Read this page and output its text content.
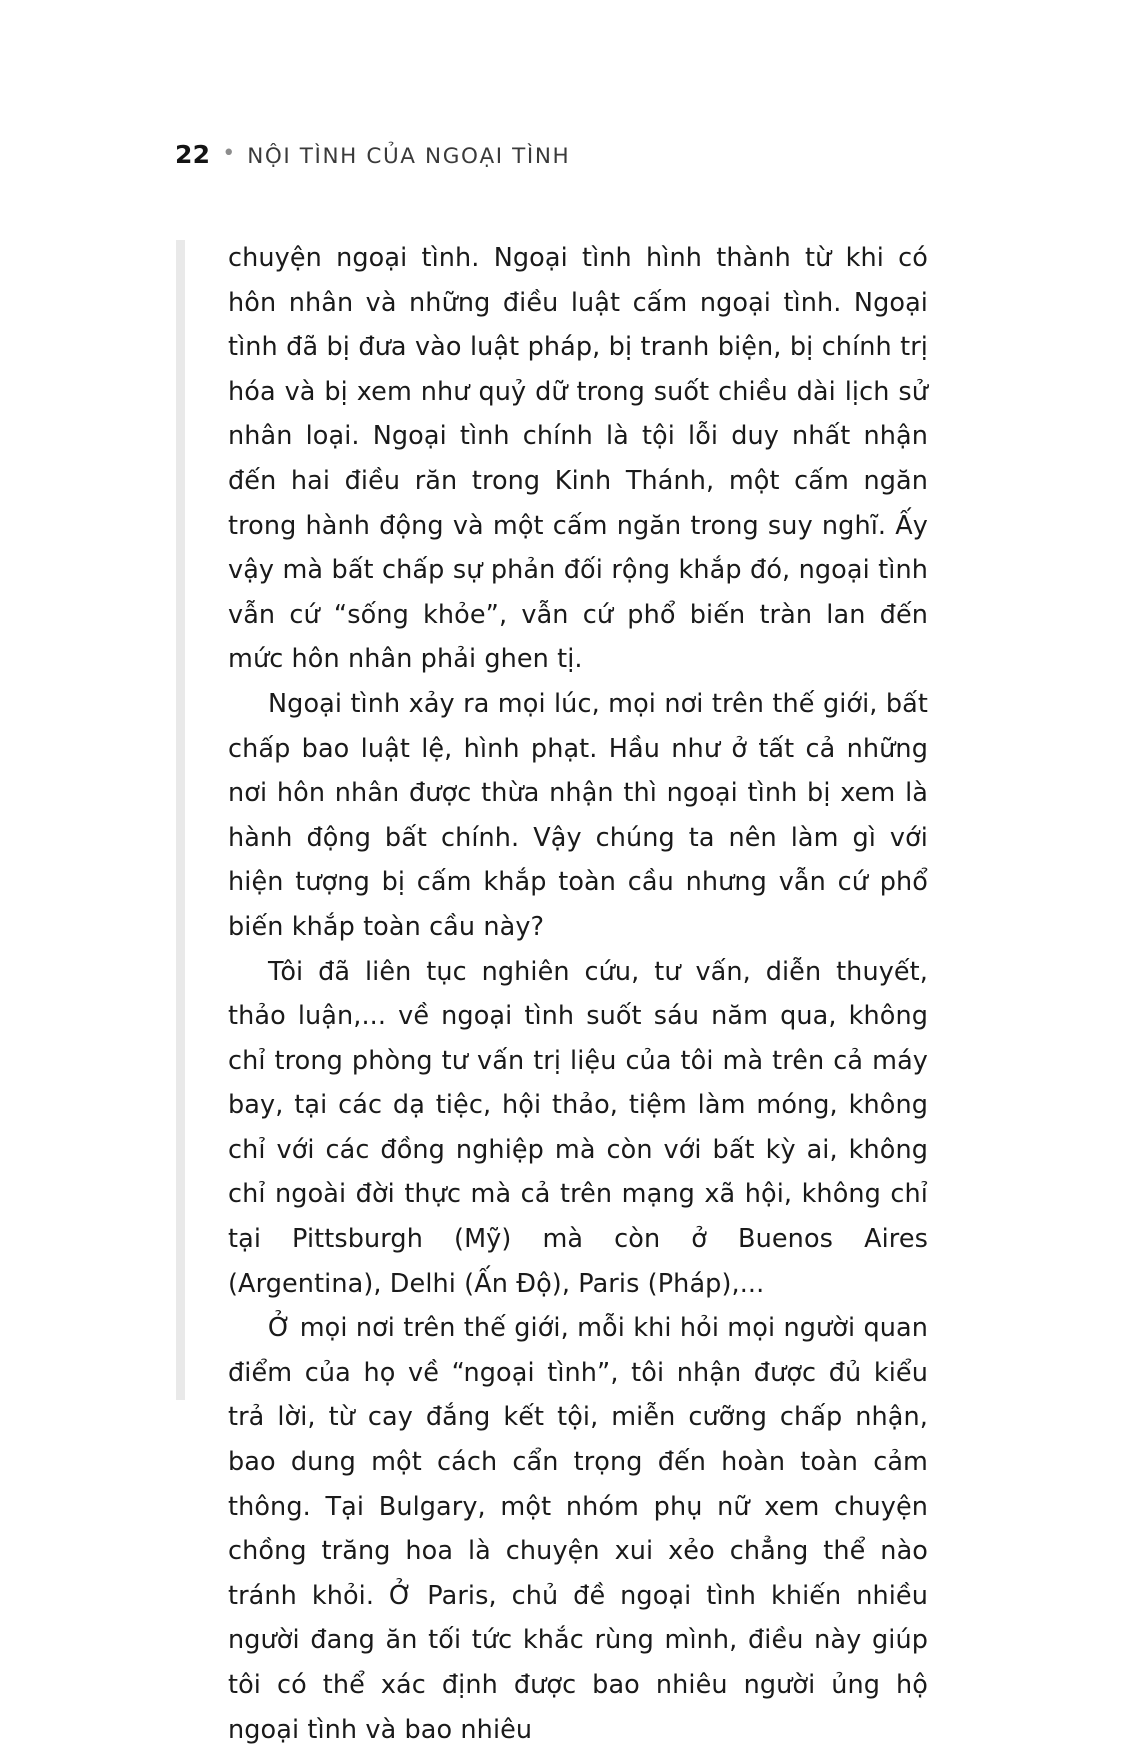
22 • NỘI TÌNH CỦA NGOẠI TÌNH

chuyện ngoại tình. Ngoại tình hình thành từ khi có hôn nhân và những điều luật cấm ngoại tình. Ngoại tình đã bị đưa vào luật pháp, bị tranh biện, bị chính trị hóa và bị xem như quỷ dữ trong suốt chiều dài lịch sử nhân loại. Ngoại tình chính là tội lỗi duy nhất nhận đến hai điều răn trong Kinh Thánh, một cấm ngăn trong hành động và một cấm ngăn trong suy nghĩ. Ấy vậy mà bất chấp sự phản đối rộng khắp đó, ngoại tình vẫn cứ “sống khỏe”, vẫn cứ phổ biến tràn lan đến mức hôn nhân phải ghen tị.

Ngoại tình xảy ra mọi lúc, mọi nơi trên thế giới, bất chấp bao luật lệ, hình phạt. Hầu như ở tất cả những nơi hôn nhân được thừa nhận thì ngoại tình bị xem là hành động bất chính. Vậy chúng ta nên làm gì với hiện tượng bị cấm khắp toàn cầu nhưng vẫn cứ phổ biến khắp toàn cầu này?

Tôi đã liên tục nghiên cứu, tư vấn, diễn thuyết, thảo luận,... về ngoại tình suốt sáu năm qua, không chỉ trong phòng tư vấn trị liệu của tôi mà trên cả máy bay, tại các dạ tiệc, hội thảo, tiệm làm móng, không chỉ với các đồng nghiệp mà còn với bất kỳ ai, không chỉ ngoài đời thực mà cả trên mạng xã hội, không chỉ tại Pittsburgh (Mỹ) mà còn ở Buenos Aires (Argentina), Delhi (Ấn Độ), Paris (Pháp),...

Ở mọi nơi trên thế giới, mỗi khi hỏi mọi người quan điểm của họ về “ngoại tình”, tôi nhận được đủ kiểu trả lời, từ cay đắng kết tội, miễn cưỡng chấp nhận, bao dung một cách cẩn trọng đến hoàn toàn cảm thông. Tại Bulgary, một nhóm phụ nữ xem chuyện chồng trăng hoa là chuyện xui xẻo chẳng thể nào tránh khỏi. Ở Paris, chủ đề ngoại tình khiến nhiều người đang ăn tối tức khắc rùng mình, điều này giúp tôi có thể xác định được bao nhiêu người ủng hộ ngoại tình và bao nhiêu
